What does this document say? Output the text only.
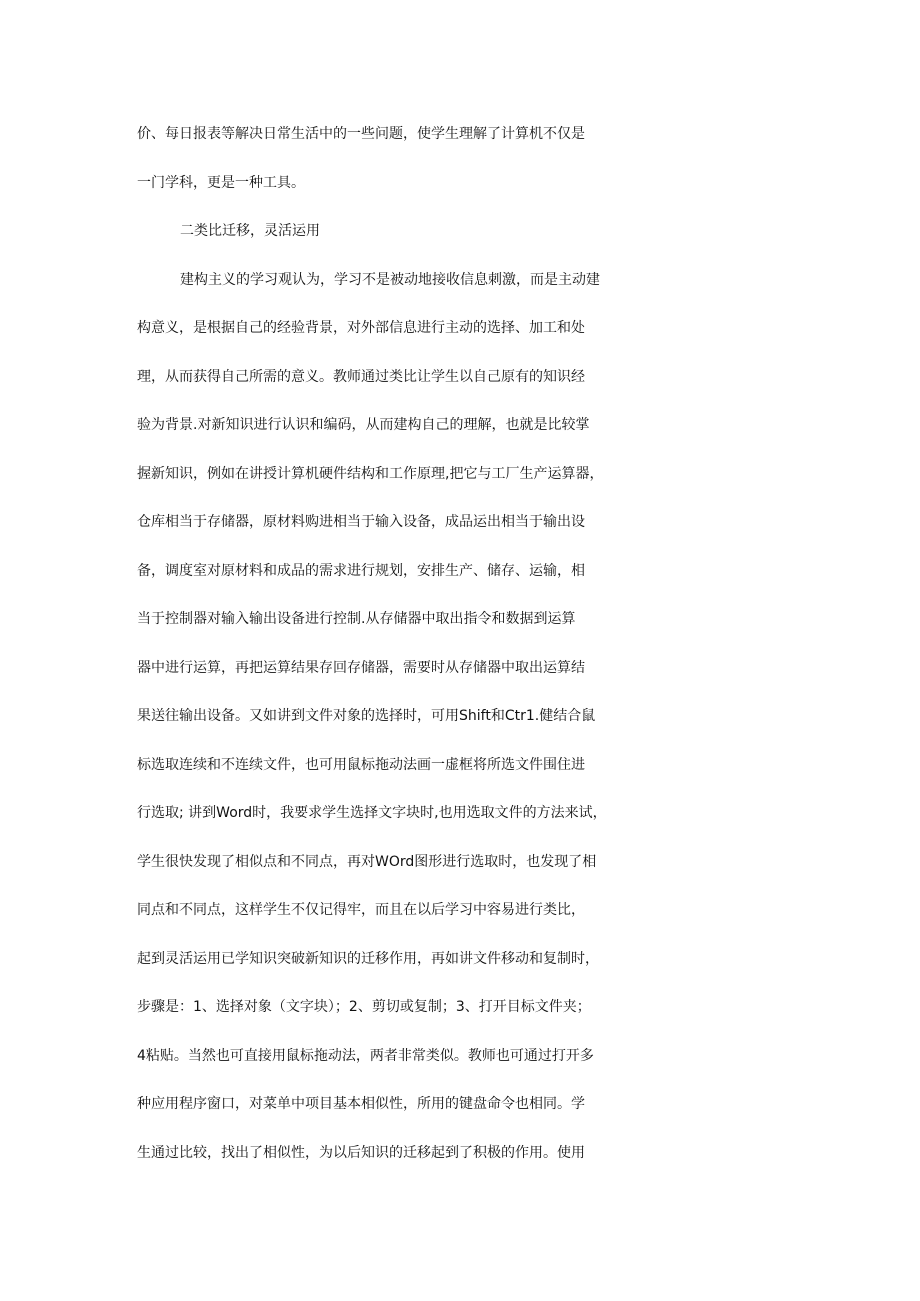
价、每日报表等解决日常生活中的一些问题，使学生理解了计算机不仅是
一门学科，更是一种工具。
二类比迁移，灵活运用
建构主义的学习观认为，学习不是被动地接收信息刺激，而是主动建
构意义，是根据自己的经验背景，对外部信息进行主动的选择、加工和处
理，从而获得自己所需的意义。教师通过类比让学生以自己原有的知识经
验为背景.对新知识进行认识和编码，从而建构自己的理解，也就是比较掌
握新知识，例如在讲授计算机硬件结构和工作原理,把它与工厂生产运算器，
仓库相当于存储器，原材料购进相当于输入设备，成品运出相当于输出设
备，调度室对原材料和成品的需求进行规划，安排生产、储存、运输，相
当于控制器对输入输出设备进行控制.从存储器中取出指令和数据到运算
器中进行运算，再把运算结果存回存储器，需要时从存储器中取出运算结
果送往输出设备。又如讲到文件对象的选择时，可用Shift和Ctr1.健结合鼠
标选取连续和不连续文件，也可用鼠标拖动法画一虚框将所选文件围住进
行选取; 讲到Word时，我要求学生选择文字块时,也用选取文件的方法来试，
学生很快发现了相似点和不同点，再对WOrd图形进行选取时，也发现了相
同点和不同点，这样学生不仅记得牢，而且在以后学习中容易进行类比，
起到灵活运用已学知识突破新知识的迁移作用，再如讲文件移动和复制时，
步骤是：1、选择对象（文字块）；2、剪切或复制；3、打开目标文件夹；
4粘贴。当然也可直接用鼠标拖动法，两者非常类似。教师也可通过打开多
种应用程序窗口，对菜单中项目基本相似性，所用的键盘命令也相同。学
生通过比较，找出了相似性，为以后知识的迁移起到了积极的作用。使用
